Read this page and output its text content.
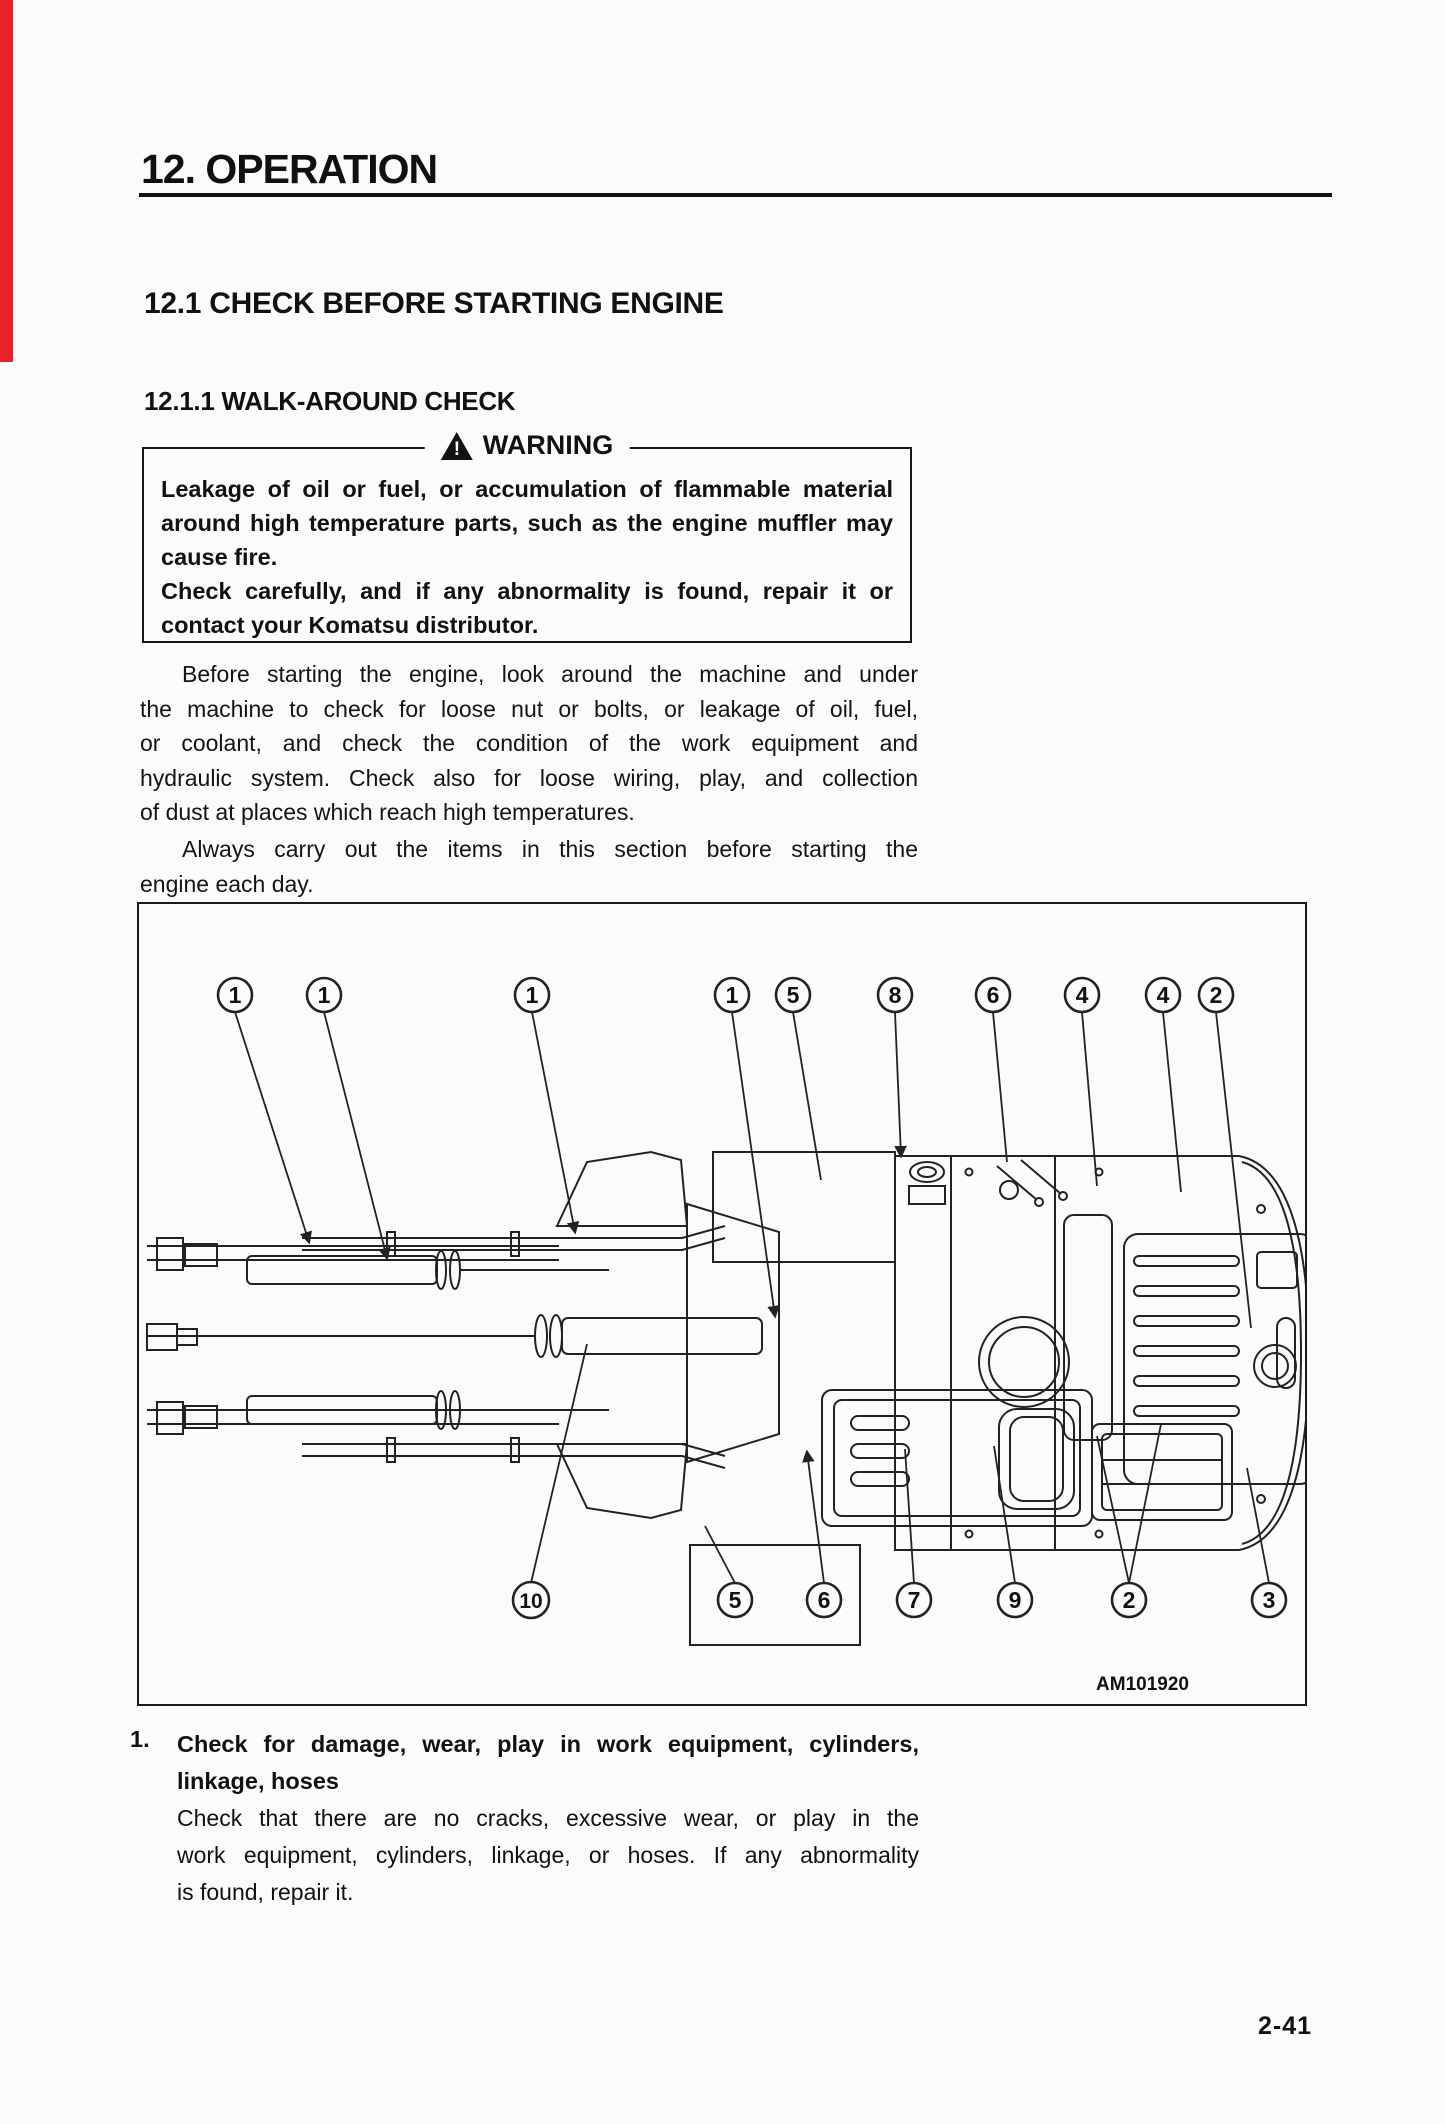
12. OPERATION
12.1 CHECK BEFORE STARTING ENGINE
12.1.1 WALK-AROUND CHECK
! WARNING
Leakage of oil or fuel, or accumulation of flammable material
around high temperature parts, such as the engine muffler may
cause fire.
Check carefully, and if any abnormality is found, repair it or
contact your Komatsu distributor.
Before starting the engine, look around the machine and under
the machine to check for loose nut or bolts, or leakage of oil, fuel,
or coolant, and check the condition of the work equipment and
hydraulic system. Check also for loose wiring, play, and collection
of dust at places which reach high temperatures.
Always carry out the items in this section before starting the
engine each day.
1	1	1	1 5	8	6	4	4 2
10	5	6	7	9	2	3
AM101920
1. Check for damage, wear, play in work equipment, cylinders,
linkage, hoses
Check that there are no cracks, excessive wear, or play in the
work equipment, cylinders, linkage, or hoses. If any abnormality
is found, repair it.
2-41
